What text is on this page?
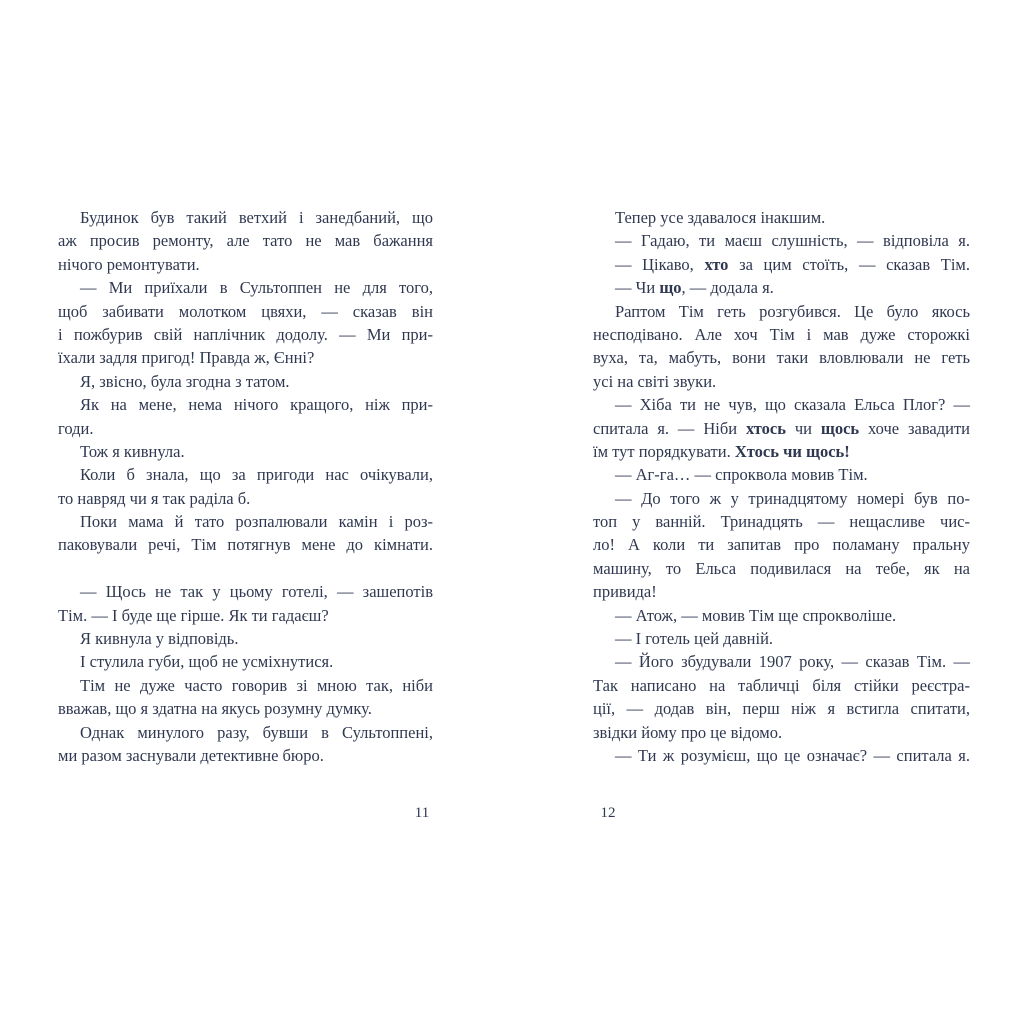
Будинок був такий ветхий і занедбаний, що
аж просив ремонту, але тато не мав бажання
нічого ремонтувати.
— Ми приїхали в Сультоппен не для того,
щоб забивати молотком цвяхи, — сказав він
і пожбурив свій наплічник додолу. — Ми при-
їхали задля пригод! Правда ж, Єнні?
Я, звісно, була згодна з татом.
Як на мене, нема нічого кращого, ніж при-
годи.
Тож я кивнула.
Коли б знала, що за пригоди нас очікували,
то навряд чи я так раділа б.
Поки мама й тато розпалювали камін і роз-
паковували речі, Тім потягнув мене до кімнати.
— Щось не так у цьому готелі, — зашепотів
Тім. — І буде ще гірше. Як ти гадаєш?
Я кивнула у відповідь.
І стулила губи, щоб не усміхнутися.
Тім не дуже часто говорив зі мною так, ніби
вважав, що я здатна на якусь розумну думку.
Однак минулого разу, бувши в Сультоппені,
ми разом заснували детективне бюро.
Тепер усе здавалося інакшим.
— Гадаю, ти маєш слушність, — відповіла я.
— Цікаво, хто за цим стоїть, — сказав Тім.
— Чи що, — додала я.
Раптом Тім геть розгубився. Це було якось
несподівано. Але хоч Тім і мав дуже сторожкі
вуха, та, мабуть, вони таки вловлювали не геть
усі на світі звуки.
— Хіба ти не чув, що сказала Ельса Плог? —
спитала я. — Ніби хтось чи щось хоче завадити
їм тут порядкувати. Хтось чи щось!
— Аг-га… — спроквола мовив Тім.
— До того ж у тринадцятому номері був по-
топ у ванній. Тринадцять — нещасливе чис-
ло! А коли ти запитав про поламану пральну
машину, то Ельса подивилася на тебе, як на
привида!
— Атож, — мовив Тім ще спроκволіше.
— І готель цей давній.
— Його збудували 1907 року, — сказав Тім. —
Так написано на табличці біля стійки реєстра-
ції, — додав він, перш ніж я встигла спитати,
звідки йому про це відомо.
— Ти ж розумієш, що це означає? — спитала я.
11	12
